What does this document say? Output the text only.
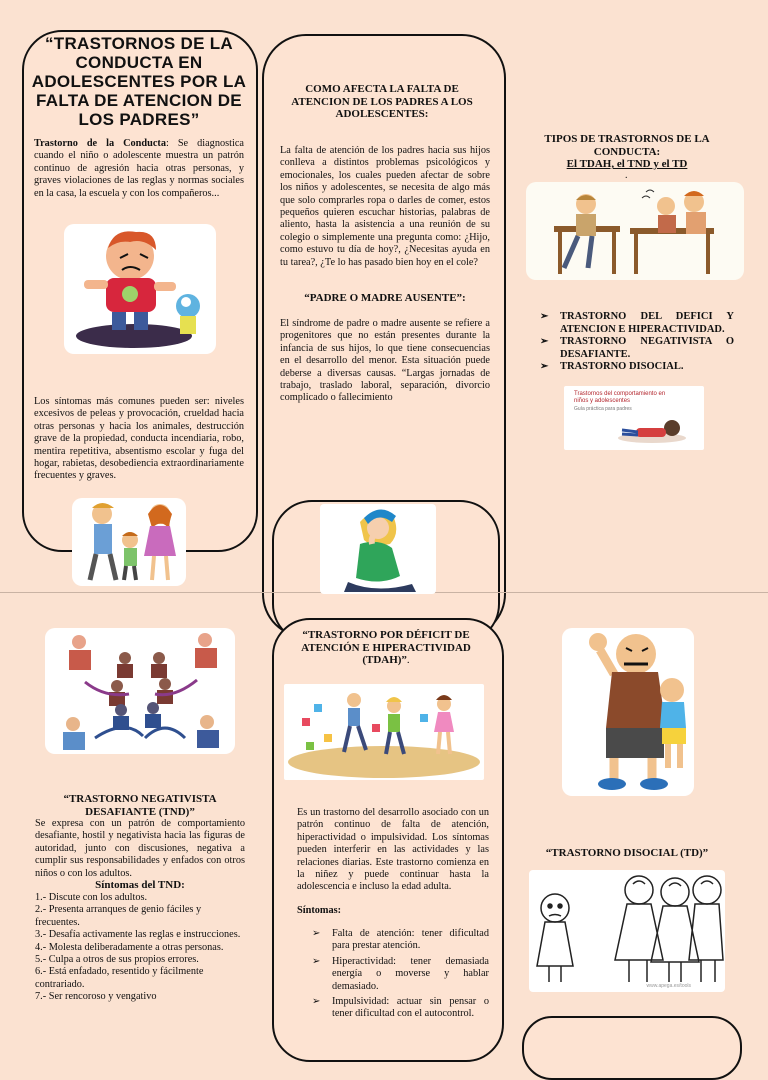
“TRASTORNOS DE LA CONDUCTA EN ADOLESCENTES POR LA FALTA DE ATENCION DE LOS PADRES”
Trastorno de la Conducta: Se diagnostica cuando el niño o adolescente muestra un patrón continuo de agresión hacia otras personas, y graves violaciones de las reglas y normas sociales en la casa, la escuela y con los compañeros...
Los síntomas más comunes pueden ser: niveles excesivos de peleas y provocación, crueldad hacia otras personas y hacia los animales, destrucción grave de la propiedad, conducta incendiaria, robo, mentira repetitiva, absentismo escolar y fuga del hogar, rabietas, desobediencia extraordinariamente frecuentes y graves.
COMO AFECTA LA FALTA DE ATENCION DE LOS PADRES A LOS ADOLESCENTES:
La falta de atención de los padres hacia sus hijos conlleva a distintos problemas psicológicos y emocionales, los cuales pueden afectar de sobre los niños y adolescentes, se necesita de algo más que solo comprarles ropa o darles de comer, estos pequeños quieren escuchar historias, palabras de aliento, hasta la asistencia a una reunión de su colegio o simplemente una pregunta como: ¿Hijo, como estuvo tu día de hoy?, ¿Necesitas ayuda en tu tarea?, ¿Te lo has pasado bien hoy en el cole?
“PADRE O MADRE AUSENTE”:
El síndrome de padre o madre ausente se refiere a progenitores que no están presentes durante la infancia de sus hijos, lo que tiene consecuencias en el desarrollo del menor. Esta situación puede deberse a diversas causas. “Largas jornadas de trabajo, traslado laboral, separación, divorcio complicado o fallecimiento
TIPOS DE TRASTORNOS DE LA CONDUCTA:
El TDAH, el TND y el TD
.
➢ TRASTORNO DEL DEFICI Y ATENCION E HIPERACTIVIDAD.
➢ TRASTORNO NEGATIVISTA O DESAFIANTE.
➢ TRASTORNO DISOCIAL.
Trastornos del comportamiento en niños y adolescentes
Guía práctica para padres
“TRASTORNO NEGATIVISTA DESAFIANTE (TND)”
Se expresa con un patrón de comportamiento desafiante, hostil y negativista hacia las figuras de autoridad, junto con discusiones, negativa a cumplir sus responsabilidades y enfados con otros niños o con los adultos.
Síntomas del TND:
1.- Discute con los adultos.
2.- Presenta arranques de genio fáciles y frecuentes.
3.- Desafía activamente las reglas e instrucciones.
4.- Molesta deliberadamente a otras personas.
5.- Culpa a otros de sus propios errores.
6.- Está enfadado, resentido y fácilmente contrariado.
7.- Ser rencoroso y vengativo
“TRASTORNO POR DÉFICIT DE ATENCIÓN E HIPERACTIVIDAD (TDAH)”.
Es un trastorno del desarrollo asociado con un patrón continuo de falta de atención, hiperactividad o impulsividad. Los síntomas pueden interferir en las actividades y las relaciones diarias. Este trastorno comienza en la niñez y puede continuar hasta la adolescencia e incluso la edad adulta.
Síntomas:
➢ Falta de atención: tener dificultad para prestar atención.
➢ Hiperactividad: tener demasiada energía o moverse y hablar demasiado.
➢ Impulsividad: actuar sin pensar o tener dificultad con el autocontrol.
“TRASTORNO DISOCIAL (TD)”
www.apega.es/tools
